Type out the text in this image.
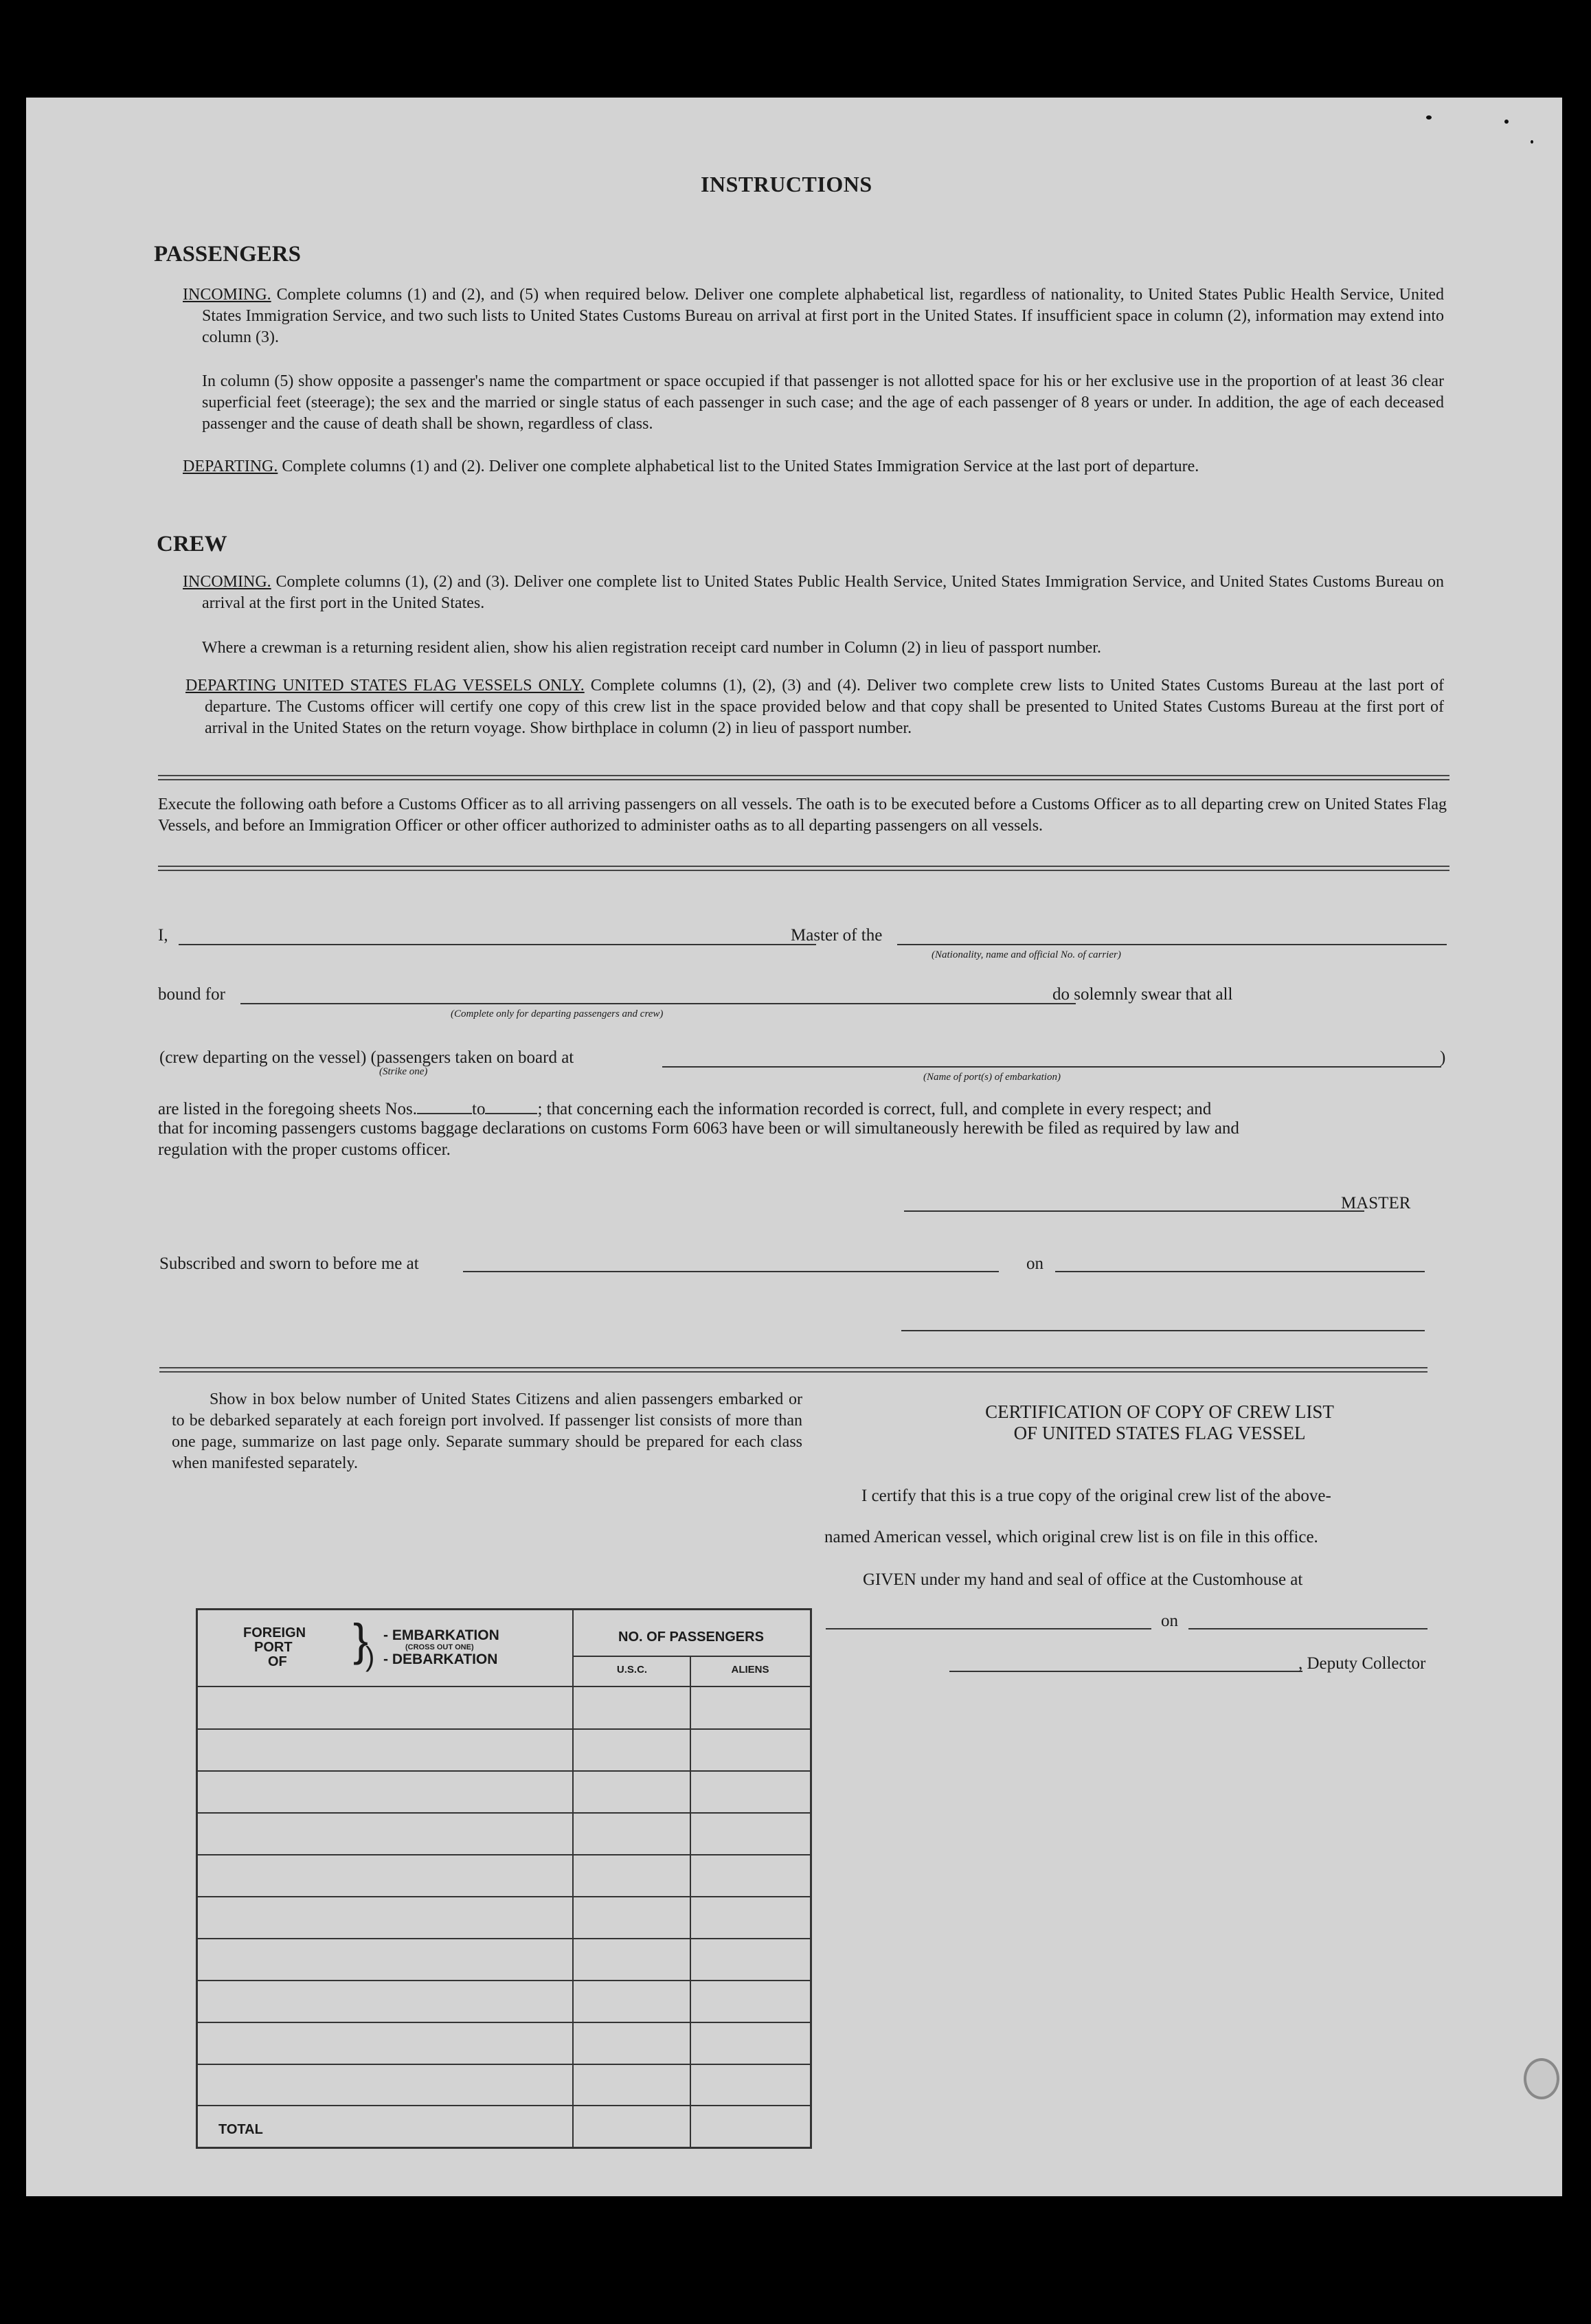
INSTRUCTIONS
PASSENGERS
INCOMING. Complete columns (1) and (2), and (5) when required below. Deliver one complete alphabetical list, regardless of nationality, to United States Public Health Service, United States Immigration Service, and two such lists to United States Customs Bureau on arrival at first port in the United States. If insufficient space in column (2), information may extend into column (3).
In column (5) show opposite a passenger's name the compartment or space occupied if that passenger is not allotted space for his or her exclusive use in the proportion of at least 36 clear superficial feet (steerage); the sex and the married or single status of each passenger in such case; and the age of each passenger of 8 years or under. In addition, the age of each deceased passenger and the cause of death shall be shown, regardless of class.
DEPARTING. Complete columns (1) and (2). Deliver one complete alphabetical list to the United States Immigration Service at the last port of departure.
CREW
INCOMING. Complete columns (1), (2) and (3). Deliver one complete list to United States Public Health Service, United States Immigration Service, and United States Customs Bureau on arrival at the first port in the United States.
Where a crewman is a returning resident alien, show his alien registration receipt card number in Column (2) in lieu of passport number.
DEPARTING UNITED STATES FLAG VESSELS ONLY. Complete columns (1), (2), (3) and (4). Deliver two complete crew lists to United States Customs Bureau at the last port of departure. The Customs officer will certify one copy of this crew list in the space provided below and that copy shall be presented to United States Customs Bureau at the first port of arrival in the United States on the return voyage. Show birthplace in column (2) in lieu of passport number.
Execute the following oath before a Customs Officer as to all arriving passengers on all vessels. The oath is to be executed before a Customs Officer as to all departing crew on United States Flag Vessels, and before an Immigration Officer or other officer authorized to administer oaths as to all departing passengers on all vessels.
I,	Master of the
(Nationality, name and official No. of carrier)
bound for
(Complete only for departing passengers and crew)
do solemnly swear that all
(crew departing on the vessel) (passengers taken on board at
(Strike one)	(Name of port(s) of embarkation)
)
are listed in the foregoing sheets Nos.	to	; that concerning each the information recorded is correct, full, and complete in every respect; and
that for incoming passengers customs baggage declarations on customs Form 6063 have been or will simultaneously herewith be filed as required by law and
regulation with the proper customs officer.
MASTER
Subscribed and sworn to before me at	on
Show in box below number of United States Citizens and alien passengers embarked or to be debarked separately at each foreign port involved. If passenger list consists of more than one page, summarize on last page only. Separate summary should be prepared for each class when manifested separately.
FOREIGN
PORT
OF }
)
- EMBARKATION
(CROSS OUT ONE)
- DEBARKATION
NO. OF PASSENGERS
U.S.C.	ALIENS
TOTAL
CERTIFICATION OF COPY OF CREW LIST
OF UNITED STATES FLAG VESSEL
I certify that this is a true copy of the original crew list of the above-
named American vessel, which original crew list is on file in this office.
GIVEN under my hand and seal of office at the Customhouse at
on
, Deputy Collector
